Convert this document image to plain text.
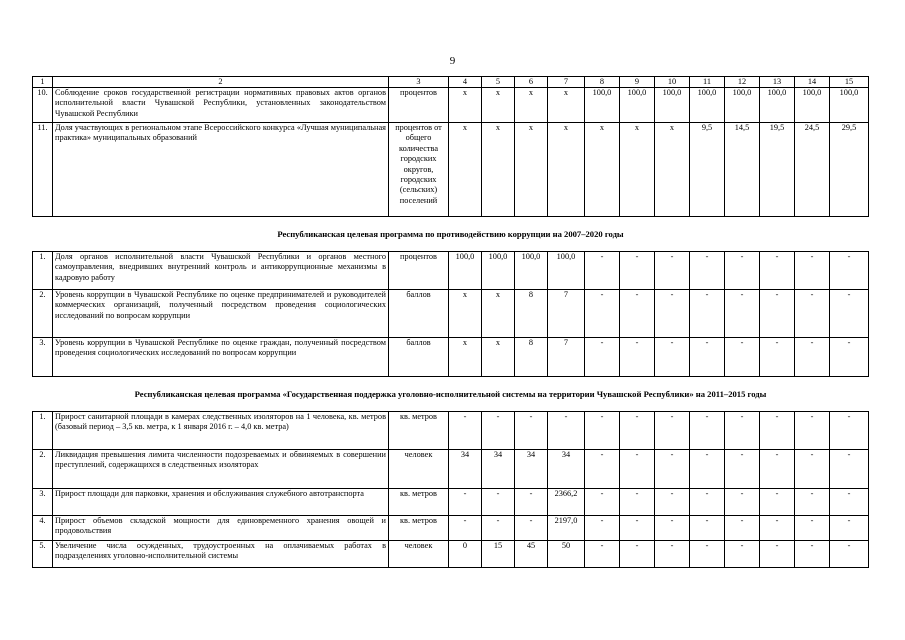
9
1	2	3	4	5	6	7	8	9	10	11	12	13	14	15
10.	Соблюдение сроков государственной регистрации нормативных правовых актов органов исполнительной власти Чувашской Республики, установленных законодательством Чувашской Республики	процентов	x	x	x	x	100,0	100,0	100,0	100,0	100,0	100,0	100,0	100,0
11.	Доля участвующих в региональном этапе Всероссийского конкурса «Лучшая муниципальная практика» муниципальных образований	процентов от общего количества городских округов, городских (сельских) поселений	x	x	x	x	x	x	x	9,5	14,5	19,5	24,5	29,5
Республиканская целевая программа по противодействию коррупции на 2007–2020 годы														
1.	Доля органов исполнительной власти Чувашской Республики и органов местного самоуправления, внедривших внутренний контроль и антикоррупционные механизмы в кадровую работу	процентов	100,0	100,0	100,0	100,0	-	-	-	-	-	-	-	-
2.	Уровень коррупции в Чувашской Республике по оценке предпринимателей и руководителей коммерческих организаций, полученный посредством проведения социологических исследований по вопросам коррупции	баллов	x	x	8	7	-	-	-	-	-	-	-	-
3.	Уровень коррупции в Чувашской Республике по оценке граждан, полученный посредством проведения социологических исследований по вопросам коррупции	баллов	x	x	8	7	-	-	-	-	-	-	-	-
Республиканская целевая программа «Государственная поддержка уголовно-исполнительной системы на территории Чувашской Республики» на 2011–2015 годы														
1.	Прирост санитарной площади в камерах следственных изоляторов на 1 человека, кв. метров (базовый период – 3,5 кв. метра, к 1 января 2016 г. – 4,0 кв. метра)	кв. метров	-	-	-	-	-	-	-	-	-	-	-	-
2.	Ликвидация превышения лимита численности подозреваемых и обвиняемых в совершении преступлений, содержащихся в следственных изоляторах	человек	34	34	34	34	-	-	-	-	-	-	-	-
3.	Прирост площади для парковки, хранения и обслуживания служебного автотранспорта	кв. метров	-	-	-	2366,2	-	-	-	-	-	-	-	-
4.	Прирост объемов складской мощности для единовременного хранения овощей и продовольствия	кв. метров	-	-	-	2197,0	-	-	-	-	-	-	-	-
5.	Увеличение числа осужденных, трудоустроенных на оплачиваемых работах в подразделениях уголовно-исполнительной системы	человек	0	15	45	50	-	-	-	-	-	-	-	-
